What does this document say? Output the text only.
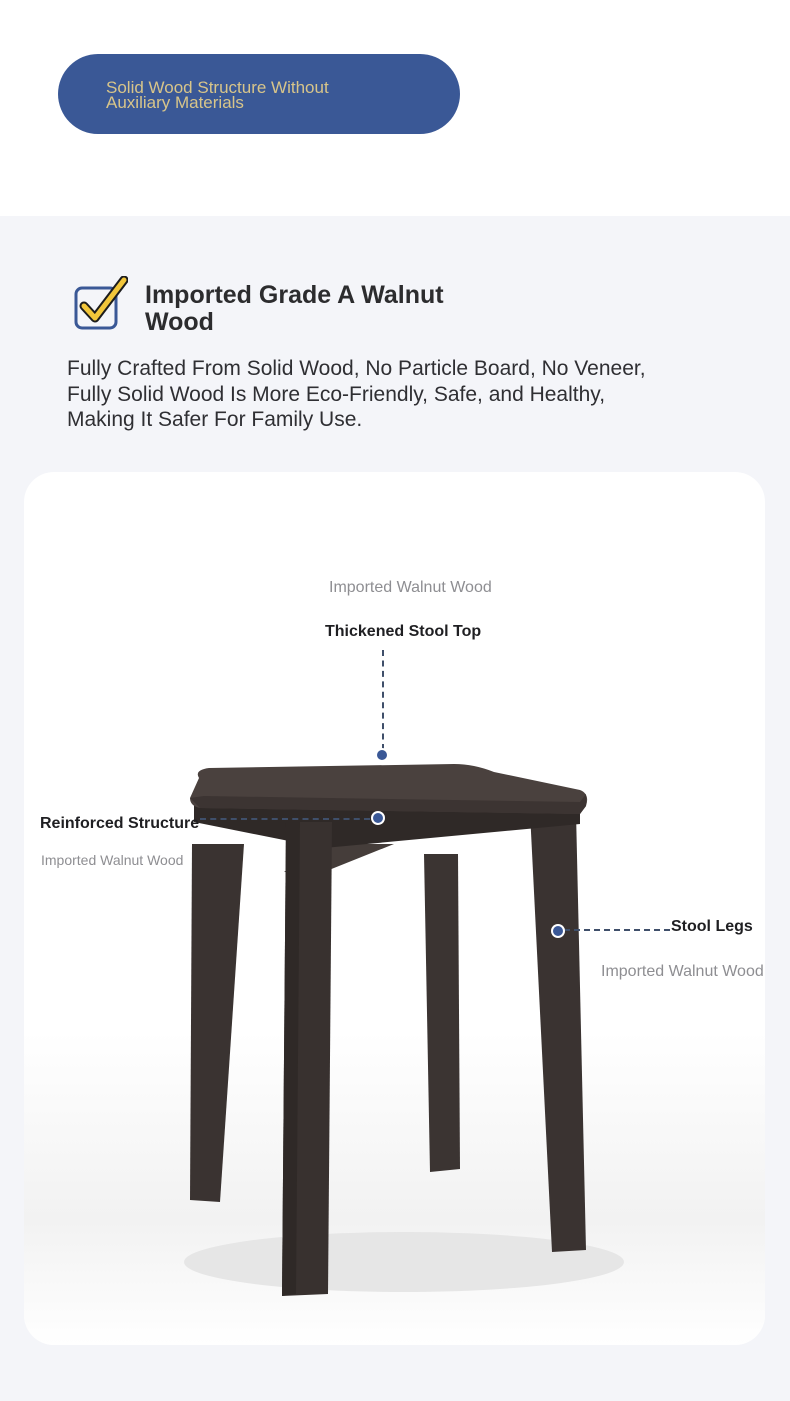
Solid Wood Structure Without Auxiliary Materials
Imported Grade A Walnut Wood
Fully Crafted From Solid Wood, No Particle Board, No Veneer, Fully Solid Wood Is More Eco-Friendly, Safe, and Healthy, Making It Safer For Family Use.
Imported Walnut Wood
Thickened Stool Top
Reinforced Structure
Imported Walnut Wood
Stool Legs
Imported Walnut Wood
